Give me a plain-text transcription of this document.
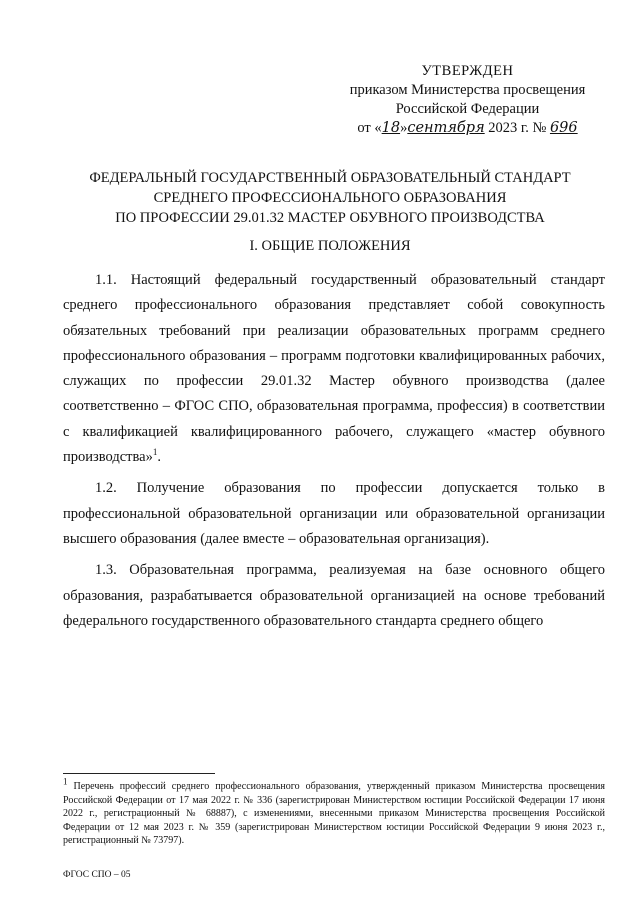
УТВЕРЖДЕН
приказом Министерства просвещения
Российской Федерации
от «18»сентября 2023 г. № 696
ФЕДЕРАЛЬНЫЙ ГОСУДАРСТВЕННЫЙ ОБРАЗОВАТЕЛЬНЫЙ СТАНДАРТ
СРЕДНЕГО ПРОФЕССИОНАЛЬНОГО ОБРАЗОВАНИЯ
ПО ПРОФЕССИИ 29.01.32 МАСТЕР ОБУВНОГО ПРОИЗВОДСТВА
I. ОБЩИЕ ПОЛОЖЕНИЯ

1.1. Настоящий федеральный государственный образовательный стандарт среднего профессионального образования представляет собой совокупность обязательных требований при реализации образовательных программ среднего профессионального образования – программ подготовки квалифицированных рабочих, служащих по профессии 29.01.32 Мастер обувного производства (далее соответственно – ФГОС СПО, образовательная программа, профессия) в соответствии с квалификацией квалифицированного рабочего, служащего «мастер обувного производства»$^1$.

1.2. Получение образования по профессии допускается только в профессиональной образовательной организации или образовательной организации высшего образования (далее вместе – образовательная организация).

1.3. Образовательная программа, реализуемая на базе основного общего образования, разрабатывается образовательной организацией на основе требований федерального государственного образовательного стандарта среднего общего

$^1$ Перечень профессий среднего профессионального образования, утвержденный приказом Министерства просвещения Российской Федерации от 17 мая 2022 г. № 336 (зарегистрирован Министерством юстиции Российской Федерации 17 июня 2022 г., регистрационный № 68887), с изменениями, внесенными приказом Министерства просвещения Российской Федерации от 12 мая 2023 г. № 359 (зарегистрирован Министерством юстиции Российской Федерации 9 июня 2023 г., регистрационный № 73797).
ФГОС СПО – 05
